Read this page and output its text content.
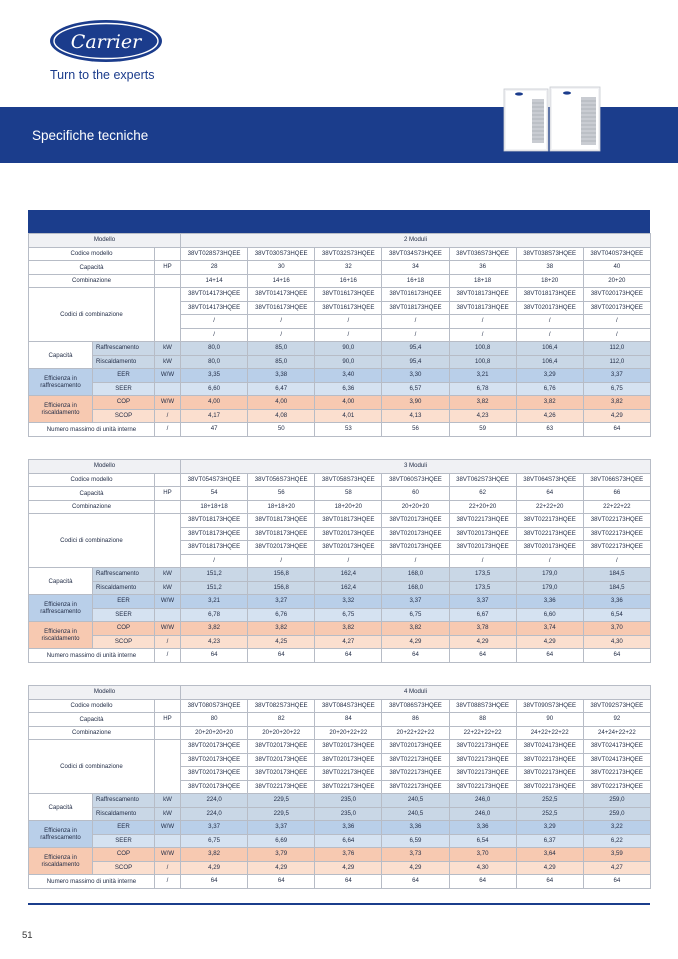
Carrier
Turn to the experts
Specifiche tecniche
Modello			2 Moduli						
Codice modello			38VT028S73HQEE	38VT030S73HQEE	38VT032S73HQEE	38VT034S73HQEE	38VT036S73HQEE	38VT038S73HQEE	38VT040S73HQEE
Capacità		HP	28	30	32	34	36	38	40
Combinazione			14+14	14+16	16+16	16+18	18+18	18+20	20+20
Codici di combinazione			38VT014173HQEE	38VT014173HQEE	38VT016173HQEE	38VT016173HQEE	38VT018173HQEE	38VT018173HQEE	38VT020173HQEE
			38VT014173HQEE	38VT016173HQEE	38VT016173HQEE	38VT018173HQEE	38VT018173HQEE	38VT020173HQEE	38VT020173HQEE
			/	/	/	/	/	/	/
			/	/	/	/	/	/	/
Capacità	Raffrescamento	kW	80,0	85,0	90,0	95,4	100,8	106,4	112,0
	Riscaldamento	kW	80,0	85,0	90,0	95,4	100,8	106,4	112,0
Efficienza in raffrescamento	EER	W/W	3,35	3,38	3,40	3,30	3,21	3,29	3,37
	SEER		6,60	6,47	6,36	6,57	6,78	6,76	6,75
Efficienza in riscaldamento	COP	W/W	4,00	4,00	4,00	3,90	3,82	3,82	3,82
	SCOP	/	4,17	4,08	4,01	4,13	4,23	4,26	4,29
Numero massimo di unità interne		/	47	50	53	56	59	63	64
Modello			3 Moduli						
Codice modello			38VT054S73HQEE	38VT056S73HQEE	38VT058S73HQEE	38VT060S73HQEE	38VT062S73HQEE	38VT064S73HQEE	38VT066S73HQEE
Capacità		HP	54	56	58	60	62	64	66
Combinazione			18+18+18	18+18+20	18+20+20	20+20+20	22+20+20	22+22+20	22+22+22
Codici di combinazione			38VT018173HQEE	38VT018173HQEE	38VT018173HQEE	38VT020173HQEE	38VT022173HQEE	38VT022173HQEE	38VT022173HQEE
			38VT018173HQEE	38VT018173HQEE	38VT020173HQEE	38VT020173HQEE	38VT020173HQEE	38VT022173HQEE	38VT022173HQEE
			38VT018173HQEE	38VT020173HQEE	38VT020173HQEE	38VT020173HQEE	38VT020173HQEE	38VT020173HQEE	38VT022173HQEE
			/	/	/	/	/	/	/
Capacità	Raffrescamento	kW	151,2	156,8	162,4	168,0	173,5	179,0	184,5
	Riscaldamento	kW	151,2	156,8	162,4	168,0	173,5	179,0	184,5
Efficienza in raffrescamento	EER	W/W	3,21	3,27	3,32	3,37	3,37	3,36	3,36
	SEER		6,78	6,76	6,75	6,75	6,67	6,60	6,54
Efficienza in riscaldamento	COP	W/W	3,82	3,82	3,82	3,82	3,78	3,74	3,70
	SCOP	/	4,23	4,25	4,27	4,29	4,29	4,29	4,30
Numero massimo di unità interne		/	64	64	64	64	64	64	64
Modello			4 Moduli						
Codice modello			38VT080S73HQEE	38VT082S73HQEE	38VT084S73HQEE	38VT086S73HQEE	38VT088S73HQEE	38VT090S73HQEE	38VT092S73HQEE
Capacità		HP	80	82	84	86	88	90	92
Combinazione			20+20+20+20	20+20+20+22	20+20+22+22	20+22+22+22	22+22+22+22	24+22+22+22	24+24+22+22
Codici di combinazione			38VT020173HQEE	38VT020173HQEE	38VT020173HQEE	38VT020173HQEE	38VT022173HQEE	38VT024173HQEE	38VT024173HQEE
			38VT020173HQEE	38VT020173HQEE	38VT020173HQEE	38VT022173HQEE	38VT022173HQEE	38VT022173HQEE	38VT024173HQEE
			38VT020173HQEE	38VT020173HQEE	38VT022173HQEE	38VT022173HQEE	38VT022173HQEE	38VT022173HQEE	38VT022173HQEE
			38VT020173HQEE	38VT022173HQEE	38VT022173HQEE	38VT022173HQEE	38VT022173HQEE	38VT022173HQEE	38VT022173HQEE
Capacità	Raffrescamento	kW	224,0	229,5	235,0	240,5	246,0	252,5	259,0
	Riscaldamento	kW	224,0	229,5	235,0	240,5	246,0	252,5	259,0
Efficienza in raffrescamento	EER	W/W	3,37	3,37	3,36	3,36	3,36	3,29	3,22
	SEER		6,75	6,69	6,64	6,59	6,54	6,37	6,22
Efficienza in riscaldamento	COP	W/W	3,82	3,79	3,76	3,73	3,70	3,64	3,59
	SCOP	/	4,29	4,29	4,29	4,29	4,30	4,29	4,27
Numero massimo di unità interne		/	64	64	64	64	64	64	64
51
